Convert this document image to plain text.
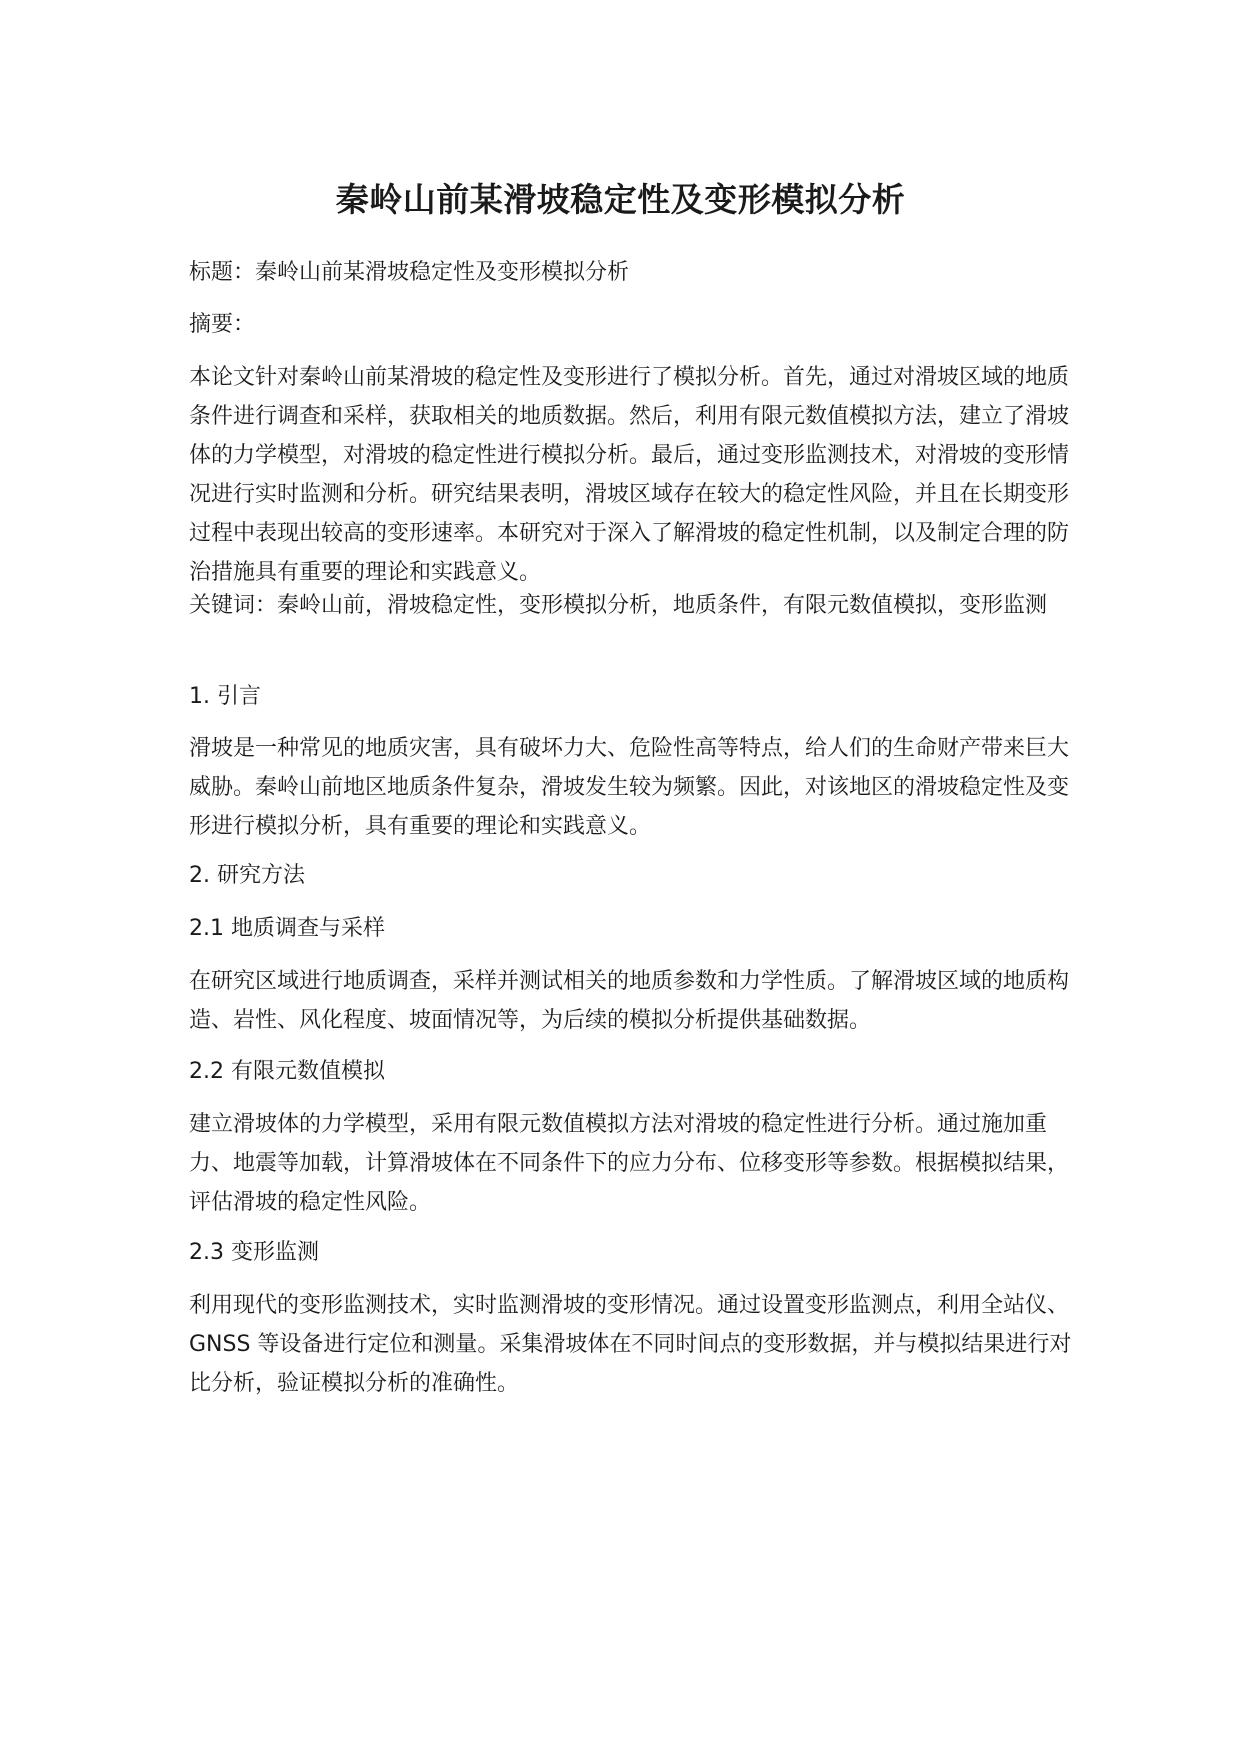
秦岭山前某滑坡稳定性及变形模拟分析

标题：秦岭山前某滑坡稳定性及变形模拟分析

摘要：

本论文针对秦岭山前某滑坡的稳定性及变形进行了模拟分析。首先，通过对滑坡区域的地质条件进行调查和采样，获取相关的地质数据。然后，利用有限元数值模拟方法，建立了滑坡体的力学模型，对滑坡的稳定性进行模拟分析。最后，通过变形监测技术，对滑坡的变形情况进行实时监测和分析。研究结果表明，滑坡区域存在较大的稳定性风险，并且在长期变形过程中表现出较高的变形速率。本研究对于深入了解滑坡的稳定性机制，以及制定合理的防治措施具有重要的理论和实践意义。

关键词：秦岭山前，滑坡稳定性，变形模拟分析，地质条件，有限元数值模拟，变形监测

1. 引言

滑坡是一种常见的地质灾害，具有破坏力大、危险性高等特点，给人们的生命财产带来巨大威胁。秦岭山前地区地质条件复杂，滑坡发生较为频繁。因此，对该地区的滑坡稳定性及变形进行模拟分析，具有重要的理论和实践意义。

2. 研究方法

2.1 地质调查与采样

在研究区域进行地质调查，采样并测试相关的地质参数和力学性质。了解滑坡区域的地质构造、岩性、风化程度、坡面情况等，为后续的模拟分析提供基础数据。

2.2 有限元数值模拟

建立滑坡体的力学模型，采用有限元数值模拟方法对滑坡的稳定性进行分析。通过施加重力、地震等加载，计算滑坡体在不同条件下的应力分布、位移变形等参数。根据模拟结果，评估滑坡的稳定性风险。

2.3 变形监测

利用现代的变形监测技术，实时监测滑坡的变形情况。通过设置变形监测点，利用全站仪、GNSS 等设备进行定位和测量。采集滑坡体在不同时间点的变形数据，并与模拟结果进行对比分析，验证模拟分析的准确性。
